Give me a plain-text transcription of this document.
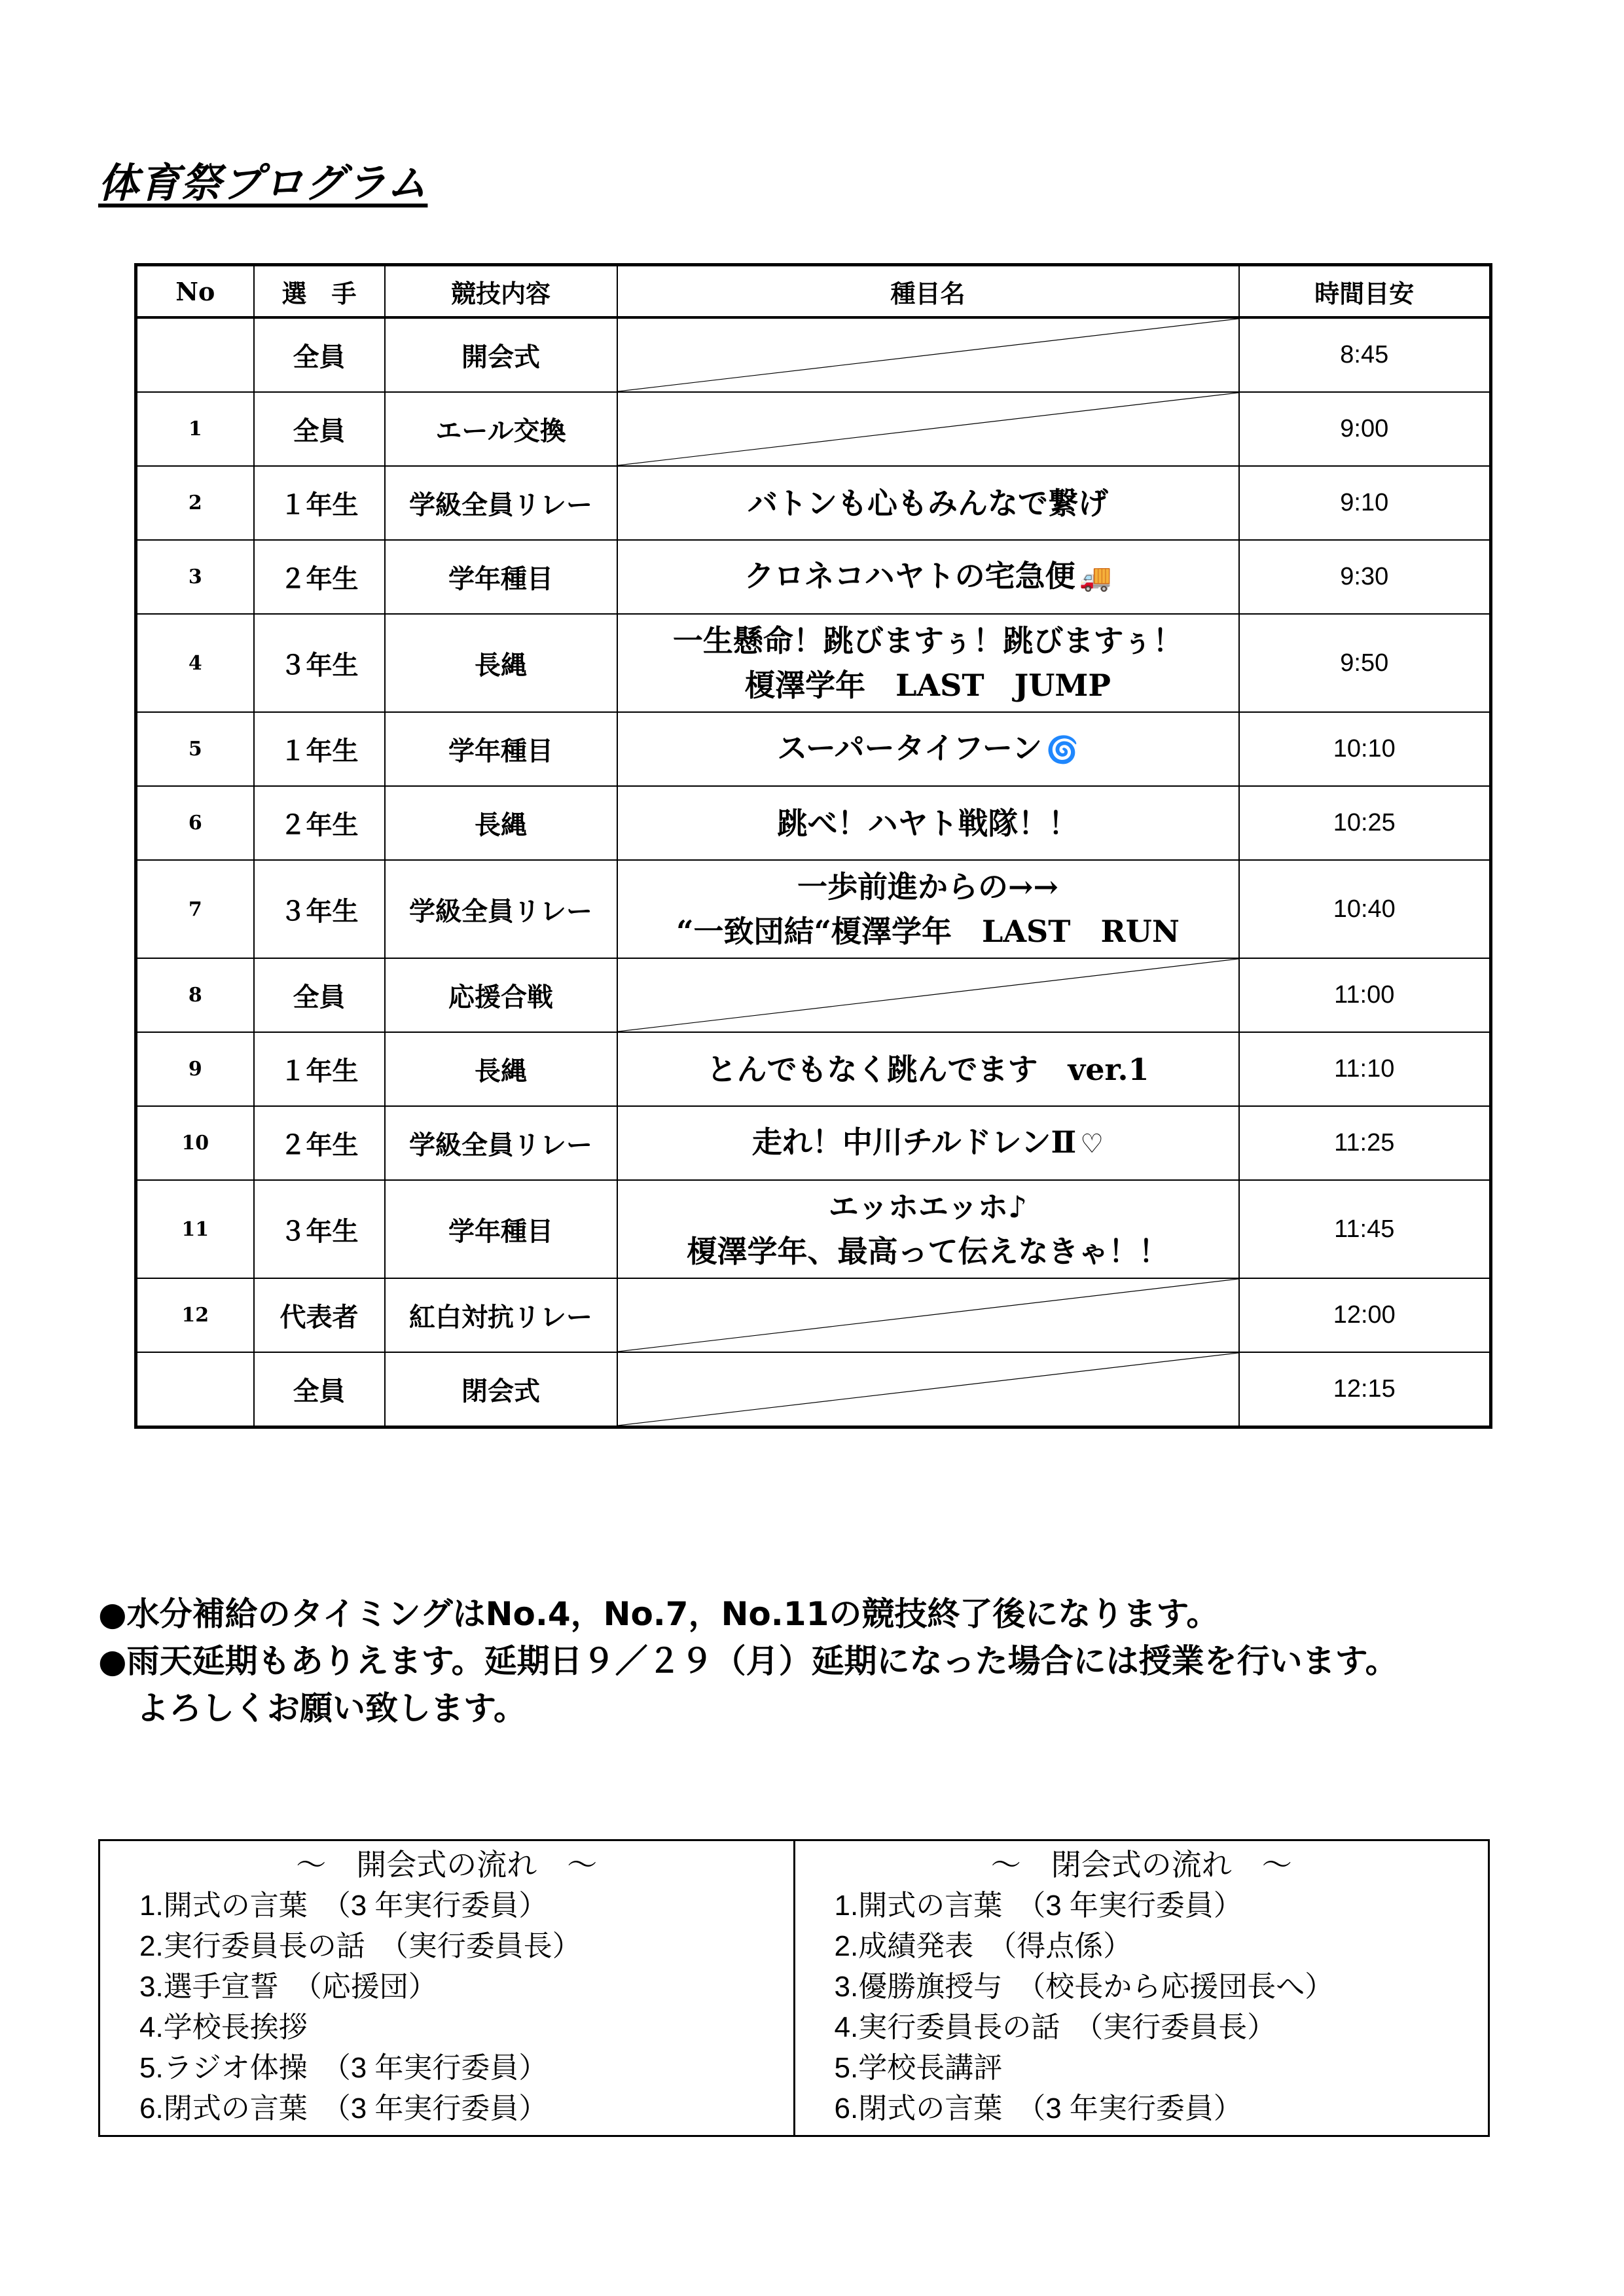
体育祭プログラム
No	選　手	競技内容	種目名	時間目安
	全員	開会式		8:45
1	全員	エール交換		9:00
2	１年生	学級全員リレー	バトンも心もみんなで繋げ	9:10
3	２年生	学年種目	クロネコハヤトの宅急便 🚚	9:30
4	３年生	長縄	一生懸命！跳びますぅ！跳びますぅ！
榎澤学年　LAST　JUMP	9:50
5	１年生	学年種目	スーパータイフーン 🌀	10:10
6	２年生	長縄	跳べ！ハヤト戦隊！！	10:25
7	３年生	学級全員リレー	一歩前進からの→→
“一致団結“榎澤学年　LAST　RUN	10:40
8	全員	応援合戦		11:00
9	１年生	長縄	とんでもなく跳んでます　ver.1	11:10
10	２年生	学級全員リレー	走れ！中川チルドレンⅡ ♡	11:25
11	３年生	学年種目	エッホエッホ♪
榎澤学年、最高って伝えなきゃ！！	11:45
12	代表者	紅白対抗リレー		12:00
	全員	閉会式		12:15
●水分補給のタイミングはNo.4，No.7，No.11の競技終了後になります。
●雨天延期もありえます。延期日９／２９（月）延期になった場合には授業を行います。
よろしくお願い致します。
～　開会式の流れ　～
1.開式の言葉　（3 年実行委員）
2.実行委員長の話　（実行委員長）
3.選手宣誓　（応援団）
4.学校長挨拶
5.ラジオ体操　（3 年実行委員）
6.閉式の言葉　（3 年実行委員）
～　閉会式の流れ　～
1.開式の言葉　（3 年実行委員）
2.成績発表　（得点係）
3.優勝旗授与　（校長から応援団長へ）
4.実行委員長の話　（実行委員長）
5.学校長講評
6.閉式の言葉　（3 年実行委員）
